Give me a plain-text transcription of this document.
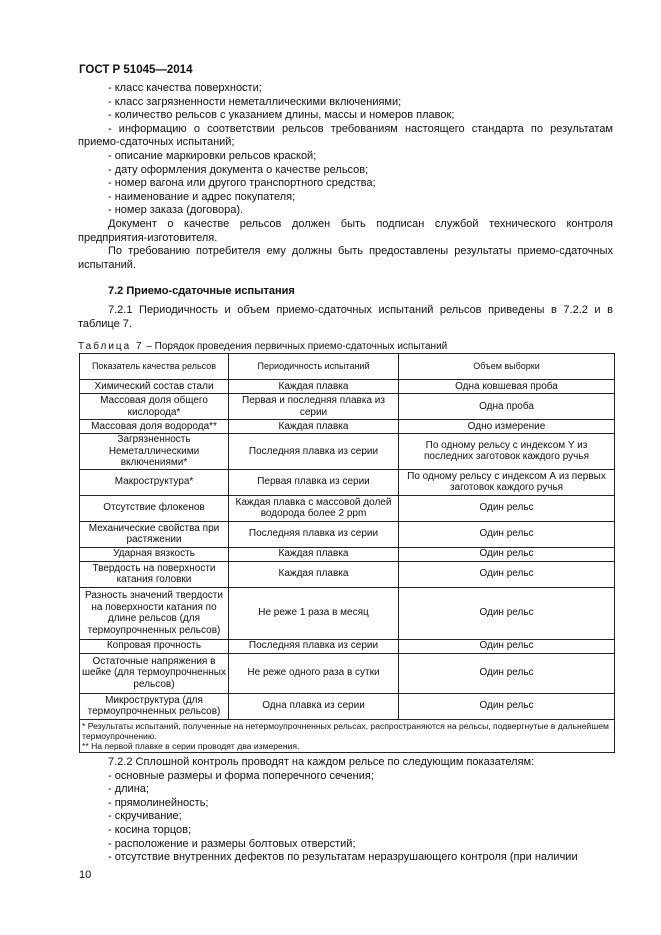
ГОСТ Р 51045—2014

- класс качества поверхности;

- класс загрязненности неметаллическими включениями;

- количество рельсов с указанием длины, массы и номеров плавок;

- информацию о соответствии рельсов требованиям настоящего стандарта по результатам приемо-сдаточных испытаний;

- описание маркировки рельсов краской;

- дату оформления документа о качестве рельсов;

- номер вагона или другого транспортного средства;

- наименование и адрес покупателя;

- номер заказа (договора).

Документ о качестве рельсов должен быть подписан службой технического контроля предприятия-изготовителя.

По требованию потребителя ему должны быть предоставлены результаты приемо-сдаточных испытаний.

7.2 Приемо-сдаточные испытания

7.2.1 Периодичность и объем приемо-сдаточных испытаний рельсов приведены в 7.2.2 и в таблице 7.

Таблица 7 – Порядок проведения первичных приемо-сдаточных испытаний
Показатель качества рельсов	Периодичность испытаний	Объем выборки
Химический состав стали	Каждая плавка	Одна ковшевая проба
Массовая доля общего кислорода*	Первая и последняя плавка из серии	Одна проба
Массовая доля водорода**	Каждая плавка	Одно измерение
Загрязненность Неметаллическими включениями*	Последняя плавка из серии	По одному рельсу с индексом Y из последних заготовок каждого ручья
Макроструктура*	Первая плавка из серии	По одному рельсу с индексом А из первых заготовок каждого ручья
Отсутствие флокенов	Каждая плавка с массовой долей водорода более 2 ppm	Один рельс
Механические свойства при растяжении	Последняя плавка из серии	Один рельс
Ударная вязкость	Каждая плавка	Один рельс
Твердость на поверхности катания головки	Каждая плавка	Один рельс
Разность значений твердости на поверхности катания по длине рельсов (для термоупрочненных рельсов)	Не реже 1 раза в месяц	Один рельс
Копровая прочность	Последняя плавка из серии	Один рельс
Остаточные напряжения в шейке (для термоупрочненных рельсов)	Не реже одного раза в сутки	Один рельс
Микроструктура (для термоупрочненных рельсов)	Одна плавка из серии	Один рельс

* Результаты испытаний, полученные на нетермоупрочненных рельсах, распространяются на рельсы, подвергнутые в дальнейшем термоупрочнению.
** На первой плавке в серии проводят два измерения.		

7.2.2 Сплошной контроль проводят на каждом рельсе по следующим показателям:

- основные размеры и форма поперечного сечения;

- длина;

- прямолинейность;

- скручивание;

- косина торцов;

- расположение и размеры болтовых отверстий;

- отсутствие внутренних дефектов по результатам неразрушающего контроля (при наличии

10
